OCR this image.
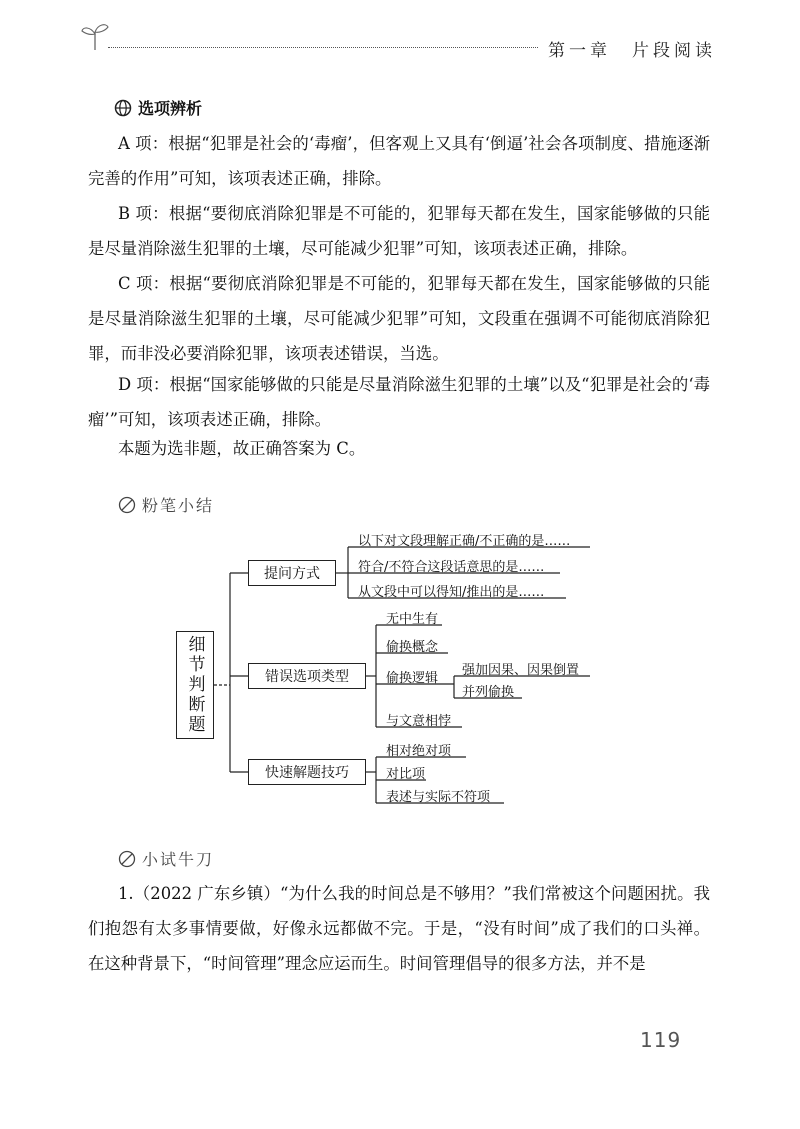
第一章　片段阅读
选项辨析
A 项：根据“犯罪是社会的‘毒瘤’，但客观上又具有‘倒逼’社会各项制度、措施逐渐完善的作用”可知，该项表述正确，排除。
B 项：根据“要彻底消除犯罪是不可能的，犯罪每天都在发生，国家能够做的只能是尽量消除滋生犯罪的土壤，尽可能减少犯罪”可知，该项表述正确，排除。
C 项：根据“要彻底消除犯罪是不可能的，犯罪每天都在发生，国家能够做的只能是尽量消除滋生犯罪的土壤，尽可能减少犯罪”可知，文段重在强调不可能彻底消除犯罪，而非没必要消除犯罪，该项表述错误，当选。
D 项：根据“国家能够做的只能是尽量消除滋生犯罪的土壤”以及“犯罪是社会的‘毒瘤’”可知，该项表述正确，排除。
本题为选非题，故正确答案为 C。
粉笔小结
细节判断题
提问方式
错误选项类型
快速解题技巧
以下对文段理解正确/不正确的是……
符合/不符合这段话意思的是……
从文段中可以得知/推出的是……
无中生有
偷换概念
偷换逻辑
与文意相悖
强加因果、因果倒置
并列偷换
相对绝对项
对比项
表述与实际不符项
小试牛刀
1.（2022 广东乡镇）“为什么我的时间总是不够用？”我们常被这个问题困扰。我们抱怨有太多事情要做，好像永远都做不完。于是，“没有时间”成了我们的口头禅。在这种背景下，“时间管理”理念应运而生。时间管理倡导的很多方法，并不是
119
